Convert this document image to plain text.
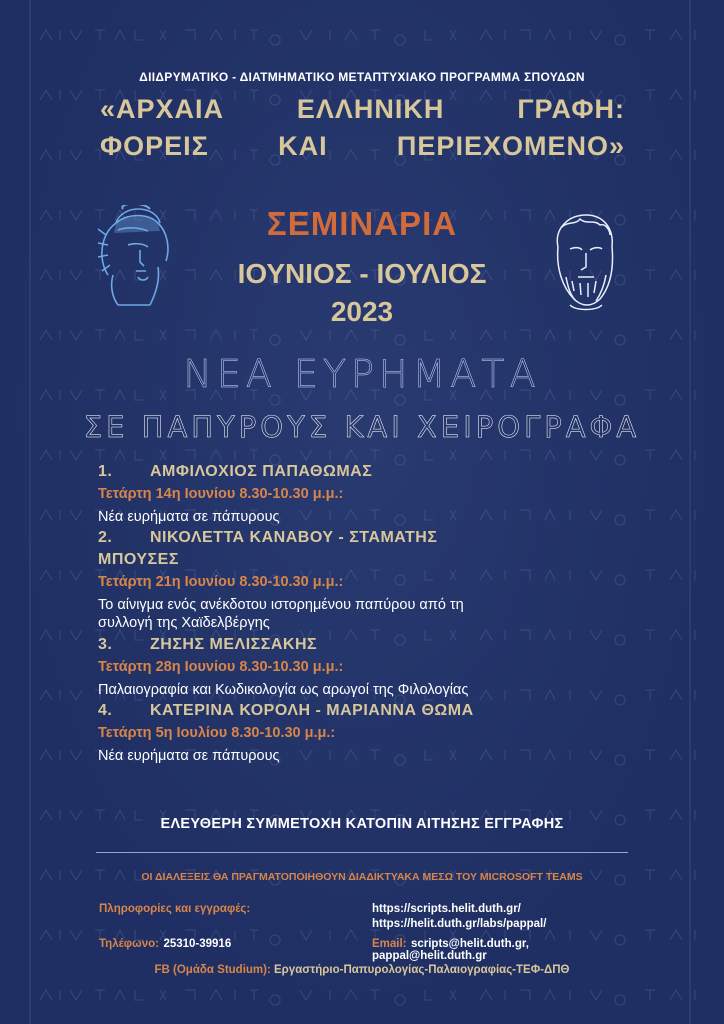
ΔΙΙΔΡΥΜΑΤΙΚΟ - ΔΙΑΤΜΗΜΑΤΙΚΟ ΜΕΤΑΠΤΥΧΙΑΚΟ ΠΡΟΓΡΑΜΜΑ ΣΠΟΥΔΩΝ
«ΑΡΧΑΙΑ	ΕΛΛΗΝΙΚΗ	ΓΡΑΦΗ:
ΦΟΡΕΙΣ	ΚΑΙ	ΠΕΡΙΕΧΟΜΕΝΟ»
ΣΕΜΙΝΑΡΙΑ
ΙΟΥΝΙΟΣ - ΙΟΥΛΙΟΣ
2023
ΝΕΑ ΕΥΡΗΜΑΤΑ
ΣΕ ΠΑΠΥΡΟΥΣ ΚΑΙ ΧΕΙΡΟΓΡΑΦΑ
1. ΑΜΦΙΛΟΧΙΟΣ ΠΑΠΑΘΩΜΑΣ
Τετάρτη 14η Ιουνίου 8.30-10.30 μ.μ.:
Νέα ευρήματα σε πάπυρους
2. ΝΙΚΟΛΕΤΤΑ ΚΑΝΑΒΟΥ - ΣΤΑΜΑΤΗΣ
ΜΠΟΥΣΕΣ
Τετάρτη 21η Ιουνίου 8.30-10.30 μ.μ.:
Το αίνιγμα ενός ανέκδοτου ιστορημένου παπύρου από τη
συλλογή της Χαϊδελβέργης
3. ΖΗΣΗΣ ΜΕΛΙΣΣΑΚΗΣ
Τετάρτη 28η Ιουνίου 8.30-10.30 μ.μ.:
Παλαιογραφία και Κωδικολογία ως αρωγοί της Φιλολογίας
4. ΚΑΤΕΡΙΝΑ ΚΟΡΟΛΗ - ΜΑΡΙΑΝΝΑ ΘΩΜΑ
Τετάρτη 5η Ιουλίου 8.30-10.30 μ.μ.:
Νέα ευρήματα σε πάπυρους
ΕΛΕΥΘΕΡΗ ΣΥΜΜΕΤΟΧΗ ΚΑΤΟΠΙΝ ΑΙΤΗΣΗΣ ΕΓΓΡΑΦΗΣ
ΟΙ ΔΙΑΛΕΞΕΙΣ ΘΑ ΠΡΑΓΜΑΤΟΠΟΙΗΘΟΥΝ ΔΙΑΔΙΚΤΥΑΚΑ ΜΕΣΩ ΤΟΥ MICROSOFT TEAMS
Πληροφορίες και εγγραφές:	https://scripts.helit.duth.gr/
https://helit.duth.gr/labs/pappal/
Τηλέφωνο: 25310-39916	Email: scripts@helit.duth.gr,
pappal@helit.duth.gr
FB (Ομάδα Studium): Εργαστήριο-Παπυρολογίας-Παλαιογραφίας-ΤΕΦ-ΔΠΘ
